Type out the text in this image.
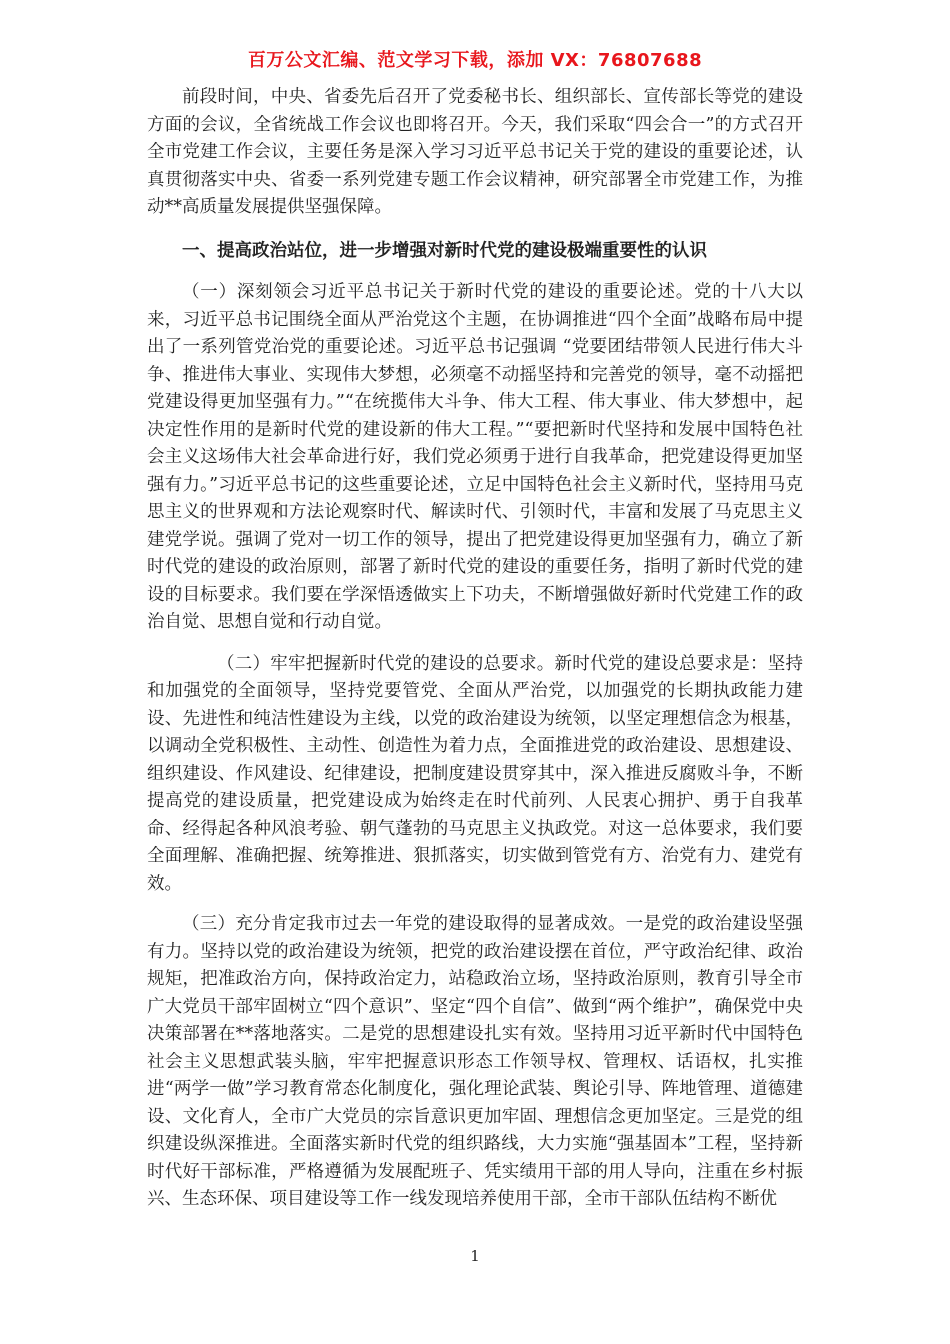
百万公文汇编、范文学习下载，添加 VX：76807688

前段时间，中央、省委先后召开了党委秘书长、组织部长、宣传部长等党的建设方面的会议，全省统战工作会议也即将召开。今天，我们采取“四会合一”的方式召开全市党建工作会议，主要任务是深入学习习近平总书记关于党的建设的重要论述，认真贯彻落实中央、省委一系列党建专题工作会议精神，研究部署全市党建工作，为推动**高质量发展提供坚强保障。

一、提高政治站位，进一步增强对新时代党的建设极端重要性的认识

（一）深刻领会习近平总书记关于新时代党的建设的重要论述。党的十八大以来，习近平总书记围绕全面从严治党这个主题，在协调推进“四个全面”战略布局中提出了一系列管党治党的重要论述。习近平总书记强调 “党要团结带领人民进行伟大斗争、推进伟大事业、实现伟大梦想，必须毫不动摇坚持和完善党的领导，毫不动摇把党建设得更加坚强有力。”“在统揽伟大斗争、伟大工程、伟大事业、伟大梦想中，起决定性作用的是新时代党的建设新的伟大工程。”“要把新时代坚持和发展中国特色社会主义这场伟大社会革命进行好，我们党必须勇于进行自我革命，把党建设得更加坚强有力。”习近平总书记的这些重要论述，立足中国特色社会主义新时代，坚持用马克思主义的世界观和方法论观察时代、解读时代、引领时代，丰富和发展了马克思主义建党学说。强调了党对一切工作的领导，提出了把党建设得更加坚强有力，确立了新时代党的建设的政治原则，部署了新时代党的建设的重要任务，指明了新时代党的建设的目标要求。我们要在学深悟透做实上下功夫，不断增强做好新时代党建工作的政治自觉、思想自觉和行动自觉。

（二）牢牢把握新时代党的建设的总要求。新时代党的建设总要求是：坚持和加强党的全面领导，坚持党要管党、全面从严治党，以加强党的长期执政能力建设、先进性和纯洁性建设为主线，以党的政治建设为统领，以坚定理想信念为根基，以调动全党积极性、主动性、创造性为着力点，全面推进党的政治建设、思想建设、组织建设、作风建设、纪律建设，把制度建设贯穿其中，深入推进反腐败斗争，不断提高党的建设质量，把党建设成为始终走在时代前列、人民衷心拥护、勇于自我革命、经得起各种风浪考验、朝气蓬勃的马克思主义执政党。对这一总体要求，我们要全面理解、准确把握、统筹推进、狠抓落实，切实做到管党有方、治党有力、建党有效。

（三）充分肯定我市过去一年党的建设取得的显著成效。一是党的政治建设坚强有力。坚持以党的政治建设为统领，把党的政治建设摆在首位，严守政治纪律、政治规矩，把准政治方向，保持政治定力，站稳政治立场，坚持政治原则，教育引导全市广大党员干部牢固树立“四个意识”、坚定“四个自信”、做到“两个维护”，确保党中央决策部署在**落地落实。二是党的思想建设扎实有效。坚持用习近平新时代中国特色社会主义思想武装头脑，牢牢把握意识形态工作领导权、管理权、话语权，扎实推进“两学一做”学习教育常态化制度化，强化理论武装、舆论引导、阵地管理、道德建设、文化育人，全市广大党员的宗旨意识更加牢固、理想信念更加坚定。三是党的组织建设纵深推进。全面落实新时代党的组织路线，大力实施“强基固本”工程，坚持新时代好干部标准，严格遵循为发展配班子、凭实绩用干部的用人导向，注重在乡村振兴、生态环保、项目建设等工作一线发现培养使用干部，全市干部队伍结构不断优

1
